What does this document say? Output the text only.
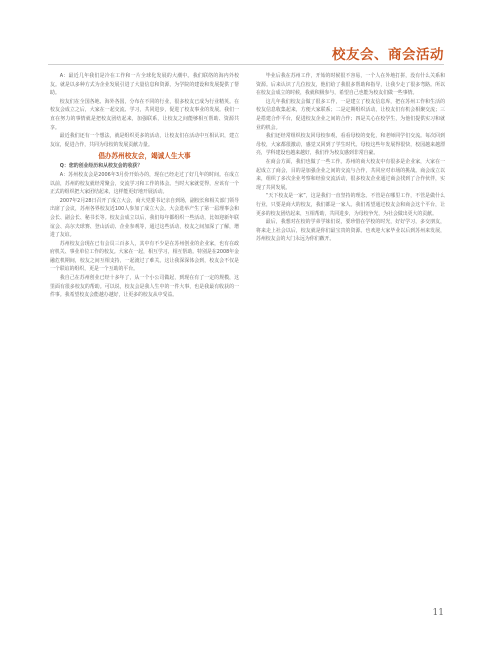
校友会、商会活动

A：最近几年我们是冷在工作和一片全球化发展的大潮中。我们联络的海内外校友。就是以多种方式为企业发展引进了大量信息和资源，为学院的建设和发展提供了帮助。

校友们在全国各地、海外各国，分布在不同的行业，很多校友已成为行业精英。在校友会成立之后，大家在一起交流、学习，共同进步，促进了校友事业的发展。我们一直在努力的事情就是把校友团结起来，加强联系，让校友之间能够相互帮助、资源共享。

最近我们还有一个想法，就是组织更多的活动，让校友们在活动中互相认识，建立友谊，促进合作，共同为母校的发展贡献力量。

倡办苏州校友会，竭诚人生大事

Q：您的创业经历和从校友会的收获？

A：苏州校友会是2006年3月份开始办的，现在已经走过了好几年的时间。在成立以前，苏州的校友就经常聚会，交流学习和工作的体会。当时大家就觉得，应该有一个正式的组织把大家团结起来，这样能更好地开展活动。

2007年2月28日召开了成立大会，商大党委书记亲自到场，副校长和相关部门领导出席了会议，苏州各界校友近100人参加了成立大会。大会选举产生了第一届理事会和会长、副会长、秘书长等。校友会成立以后，我们每年都组织一些活动，比如迎新年联谊会、高尔夫球赛、登山活动、企业参观等，通过这些活动，校友之间加深了了解，增进了友谊。

苏州校友会现在已有会员三百多人，其中有不少是在苏州创业的企业家，也有在政府机关、事业单位工作的校友。大家在一起，相互学习，相互帮助。特别是在2008年金融危机期间，校友之间互相支持，一起渡过了难关。这让我深深体会到，校友会不仅是一个联谊的组织，更是一个互助的平台。

我自己在苏州创业已经十多年了，从一个小公司做起，到现在有了一定的规模，这里面有很多校友的帮助。可以说，校友会是我人生中的一件大事，也是我最有收获的一件事。我希望校友会能越办越好，让更多的校友从中受益。

毕业后我在苏州工作，开始的时候很不容易，一个人在外地打拼，没有什么关系和资源。后来认识了几位校友，他们给了我很多帮助和指导，让我少走了很多弯路。所以在校友会成立的时候，我就积极参与，希望自己也能为校友们做一些事情。

这几年我们校友会做了很多工作，一是建立了校友信息库，把在苏州工作和生活的校友信息收集起来，方便大家联系；二是定期组织活动，让校友们有机会相聚交流；三是搭建合作平台，促进校友企业之间的合作；四是关心在校学生，为他们提供实习和就业的机会。

我们还经常组织校友回母校参观，看看母校的变化，和老师同学们交流。每次回到母校，大家都很激动，感觉又回到了学生时代。母校这些年发展得很快，校园越来越漂亮，学科建设也越来越好，我们作为校友感到非常自豪。

在商会方面，我们也做了一些工作。苏州的商大校友中有很多是企业家，大家在一起成立了商会，目的是加强企业之间的交流与合作，共同应对市场的挑战。商会成立以来，组织了多次企业考察和经验交流活动，很多校友企业通过商会找到了合作伙伴，实现了共同发展。

“天下校友是一家”，这是我们一直坚持的理念。不管是在哪里工作，不管是做什么行业，只要是商大的校友，我们都是一家人。我们希望通过校友会和商会这个平台，让更多的校友团结起来，互相帮助，共同进步，为母校争光，为社会做出更大的贡献。

最后，我想对在校的学弟学妹们说，要珍惜在学校的时光，好好学习，多交朋友，将来走上社会以后，校友就是你们最宝贵的资源。也欢迎大家毕业以后到苏州来发展，苏州校友会的大门永远为你们敞开。

11
